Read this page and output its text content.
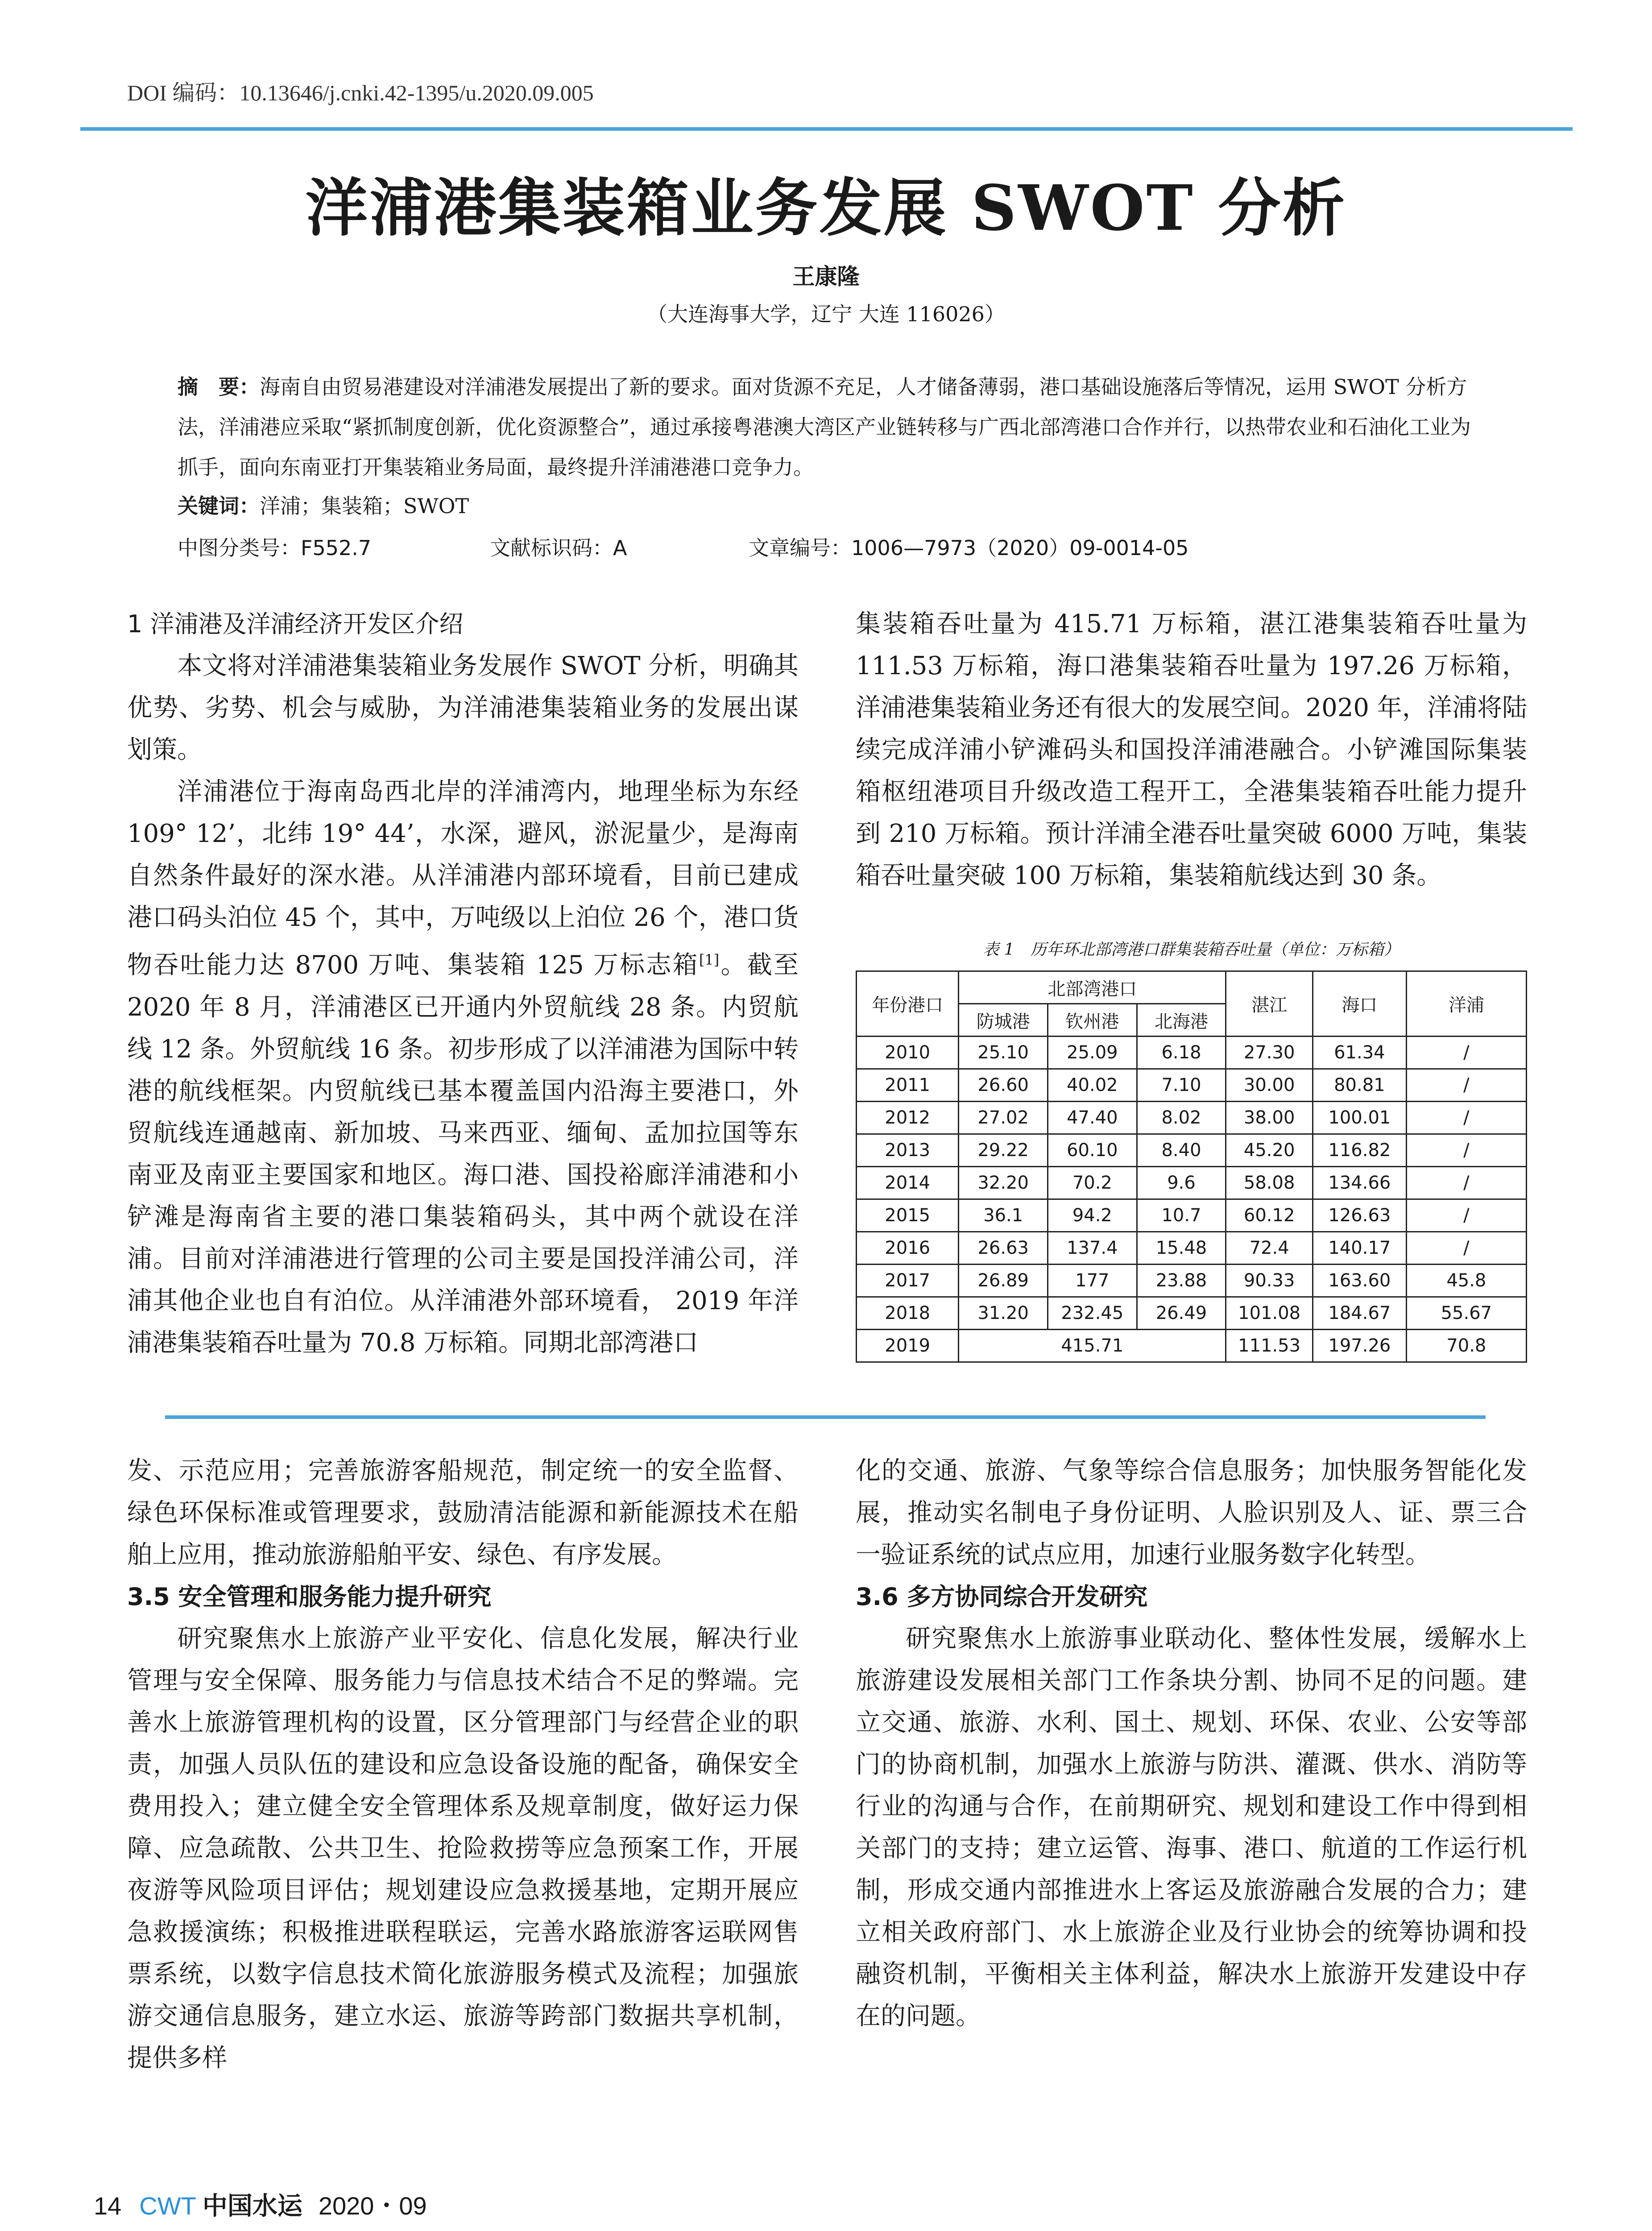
DOI 编码：10.13646/j.cnki.42-1395/u.2020.09.005
洋浦港集装箱业务发展 SWOT 分析
王康隆
（大连海事大学，辽宁 大连 116026）
摘　要：海南自由贸易港建设对洋浦港发展提出了新的要求。面对货源不充足，人才储备薄弱，港口基础设施落后等情况，运用 SWOT 分析方法，洋浦港应采取“紧抓制度创新，优化资源整合”，通过承接粤港澳大湾区产业链转移与广西北部湾港口合作并行，以热带农业和石油化工业为抓手，面向东南亚打开集装箱业务局面，最终提升洋浦港港口竞争力。
关键词：洋浦；集装箱；SWOT
中图分类号：F552.7	文献标识码：A	文章编号：1006—7973（2020）09-0014-05

1 洋浦港及洋浦经济开发区介绍

本文将对洋浦港集装箱业务发展作 SWOT 分析，明确其优势、劣势、机会与威胁，为洋浦港集装箱业务的发展出谋划策。

洋浦港位于海南岛西北岸的洋浦湾内，地理坐标为东经 109° 12’，北纬 19° 44’，水深，避风，淤泥量少，是海南自然条件最好的深水港。从洋浦港内部环境看，目前已建成港口码头泊位 45 个，其中，万吨级以上泊位 26 个，港口货物吞吐能力达 8700 万吨、集装箱 125 万标志箱[1]。截至 2020 年 8 月，洋浦港区已开通内外贸航线 28 条。内贸航线 12 条。外贸航线 16 条。初步形成了以洋浦港为国际中转港的航线框架。内贸航线已基本覆盖国内沿海主要港口，外贸航线连通越南、新加坡、马来西亚、缅甸、孟加拉国等东南亚及南亚主要国家和地区。海口港、国投裕廊洋浦港和小铲滩是海南省主要的港口集装箱码头，其中两个就设在洋浦。目前对洋浦港进行管理的公司主要是国投洋浦公司，洋浦其他企业也自有泊位。从洋浦港外部环境看， 2019 年洋浦港集装箱吞吐量为 70.8 万标箱。同期北部湾港口

集装箱吞吐量为 415.71 万标箱，湛江港集装箱吞吐量为 111.53 万标箱，海口港集装箱吞吐量为 197.26 万标箱，洋浦港集装箱业务还有很大的发展空间。2020 年，洋浦将陆续完成洋浦小铲滩码头和国投洋浦港融合。小铲滩国际集装箱枢纽港项目升级改造工程开工，全港集装箱吞吐能力提升到 210 万标箱。预计洋浦全港吞吐量突破 6000 万吨，集装箱吞吐量突破 100 万标箱，集装箱航线达到 30 条。

表 1　历年环北部湾港口群集装箱吞吐量（单位：万标箱）
年份港口	北部湾港口			湛江	海口	洋浦
	防城港	钦州港	北海港			
2010	25.10	25.09	6.18	27.30	61.34	/
2011	26.60	40.02	7.10	30.00	80.81	/
2012	27.02	47.40	8.02	38.00	100.01	/
2013	29.22	60.10	8.40	45.20	116.82	/
2014	32.20	70.2	9.6	58.08	134.66	/
2015	36.1	94.2	10.7	60.12	126.63	/
2016	26.63	137.4	15.48	72.4	140.17	/
2017	26.89	177	23.88	90.33	163.60	45.8
2018	31.20	232.45	26.49	101.08	184.67	55.67
2019	415.71			111.53	197.26	70.8

发、示范应用；完善旅游客船规范，制定统一的安全监督、绿色环保标准或管理要求，鼓励清洁能源和新能源技术在船舶上应用，推动旅游船舶平安、绿色、有序发展。

3.5 安全管理和服务能力提升研究

研究聚焦水上旅游产业平安化、信息化发展，解决行业管理与安全保障、服务能力与信息技术结合不足的弊端。完善水上旅游管理机构的设置，区分管理部门与经营企业的职责，加强人员队伍的建设和应急设备设施的配备，确保安全费用投入；建立健全安全管理体系及规章制度，做好运力保障、应急疏散、公共卫生、抢险救捞等应急预案工作，开展夜游等风险项目评估；规划建设应急救援基地，定期开展应急救援演练；积极推进联程联运，完善水路旅游客运联网售票系统，以数字信息技术简化旅游服务模式及流程；加强旅游交通信息服务，建立水运、旅游等跨部门数据共享机制，提供多样

化的交通、旅游、气象等综合信息服务；加快服务智能化发展，推动实名制电子身份证明、人脸识别及人、证、票三合一验证系统的试点应用，加速行业服务数字化转型。

3.6 多方协同综合开发研究

研究聚焦水上旅游事业联动化、整体性发展，缓解水上旅游建设发展相关部门工作条块分割、协同不足的问题。建立交通、旅游、水利、国土、规划、环保、农业、公安等部门的协商机制，加强水上旅游与防洪、灌溉、供水、消防等行业的沟通与合作，在前期研究、规划和建设工作中得到相关部门的支持；建立运管、海事、港口、航道的工作运行机制，形成交通内部推进水上客运及旅游融合发展的合力；建立相关政府部门、水上旅游企业及行业协会的统筹协调和投融资机制，平衡相关主体利益，解决水上旅游开发建设中存在的问题。

14 CWT 中国水运 2020・09
